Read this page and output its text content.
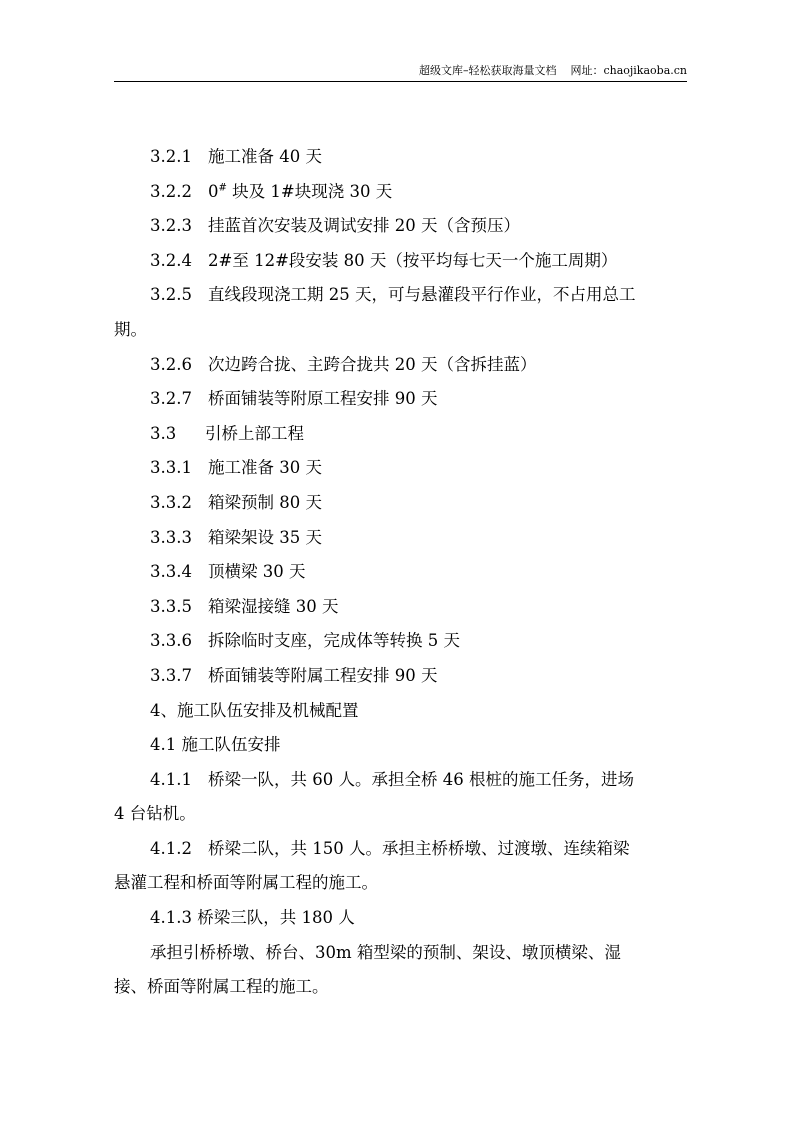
超级文库–轻松获取海量文档 网址：chaojikaoba.cn
3.2.1 施工准备 40 天
3.2.2 0# 块及 1#块现浇 30 天
3.2.3 挂蓝首次安装及调试安排 20 天（含预压）
3.2.4 2#至 12#段安装 80 天（按平均每七天一个施工周期）
3.2.5 直线段现浇工期 25 天，可与悬灌段平行作业，不占用总工
期。
3.2.6 次边跨合拢、主跨合拢共 20 天（含拆挂蓝）
3.2.7 桥面铺装等附原工程安排 90 天
3.3 引桥上部工程
3.3.1 施工准备 30 天
3.3.2 箱梁预制 80 天
3.3.3 箱梁架设 35 天
3.3.4 顶横梁 30 天
3.3.5 箱梁湿接缝 30 天
3.3.6 拆除临时支座，完成体等转换 5 天
3.3.7 桥面铺装等附属工程安排 90 天
4、施工队伍安排及机械配置
4.1 施工队伍安排
4.1.1 桥梁一队，共 60 人。承担全桥 46 根桩的施工任务，进场
4 台钻机。
4.1.2 桥梁二队，共 150 人。承担主桥桥墩、过渡墩、连续箱梁
悬灌工程和桥面等附属工程的施工。
4.1.3 桥梁三队，共 180 人
承担引桥桥墩、桥台、30m 箱型梁的预制、架设、墩顶横梁、湿
接、桥面等附属工程的施工。
